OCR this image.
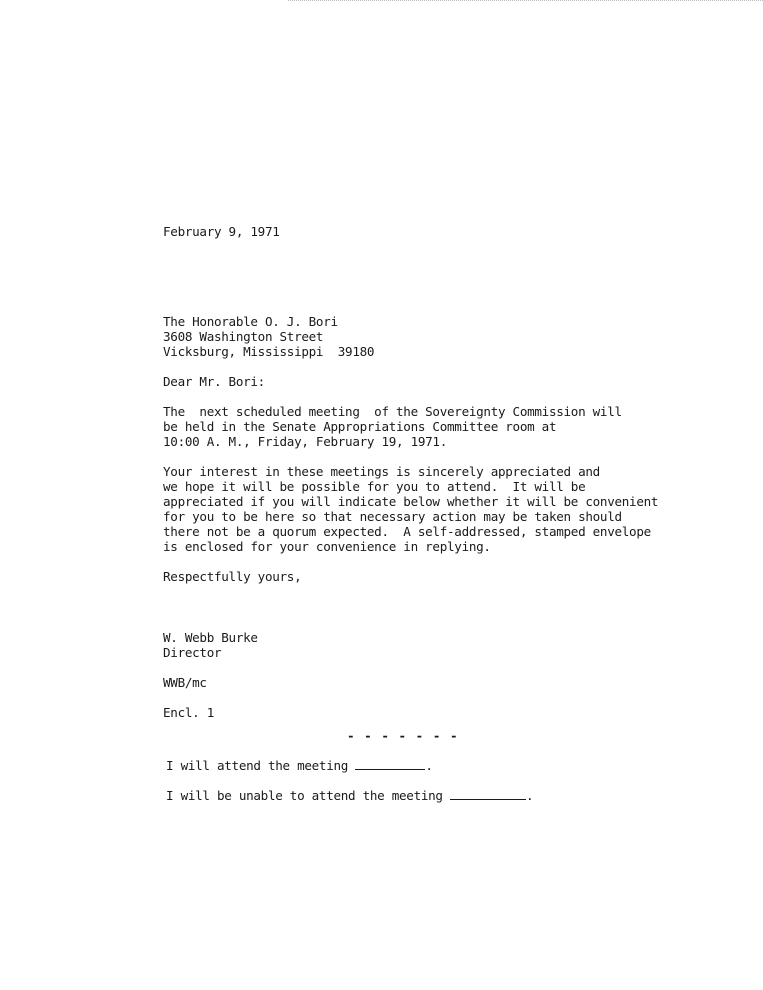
February 9, 1971
The Honorable O. J. Bori
3608 Washington Street
Vicksburg, Mississippi  39180
Dear Mr. Bori:
The  next scheduled meeting  of the Sovereignty Commission will
be held in the Senate Appropriations Committee room at
10:00 A. M., Friday, February 19, 1971.
Your interest in these meetings is sincerely appreciated and
we hope it will be possible for you to attend.  It will be
appreciated if you will indicate below whether it will be convenient
for you to be here so that necessary action may be taken should
there not be a quorum expected.  A self-addressed, stamped envelope
is enclosed for your convenience in replying.
Respectfully yours,
W. Webb Burke
Director
WWB/mc
Encl. 1
- - - - - - -
I will attend the meeting	.
I will be unable to attend the meeting	.
